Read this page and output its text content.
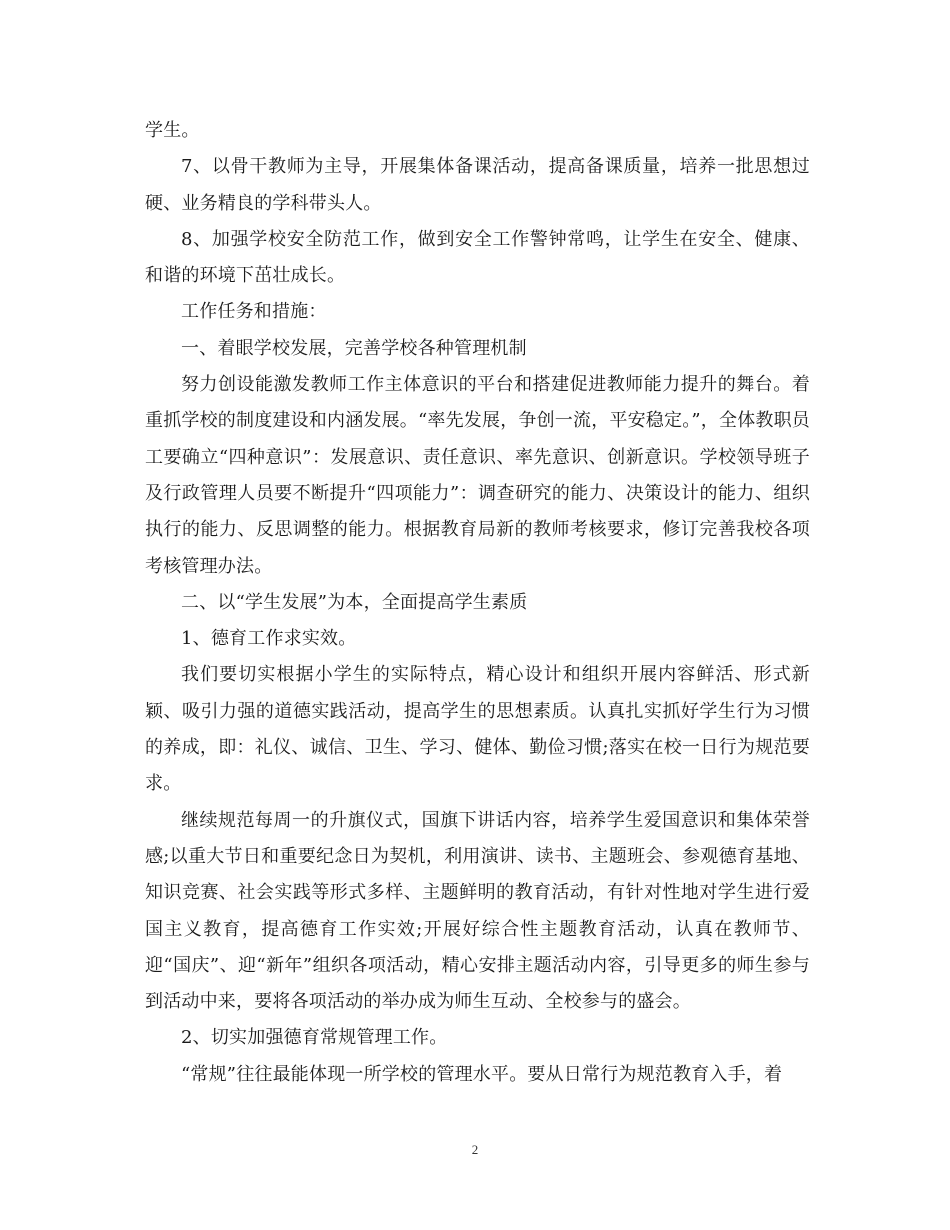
学生。

7、以骨干教师为主导，开展集体备课活动，提高备课质量，培养一批思想过硬、业务精良的学科带头人。

8、加强学校安全防范工作，做到安全工作警钟常鸣，让学生在安全、健康、和谐的环境下茁壮成长。

工作任务和措施：

一、着眼学校发展，完善学校各种管理机制

努力创设能激发教师工作主体意识的平台和搭建促进教师能力提升的舞台。着重抓学校的制度建设和内涵发展。“率先发展，争创一流，平安稳定。”，全体教职员工要确立“四种意识”：发展意识、责任意识、率先意识、创新意识。学校领导班子及行政管理人员要不断提升“四项能力”：调查研究的能力、决策设计的能力、组织执行的能力、反思调整的能力。根据教育局新的教师考核要求，修订完善我校各项考核管理办法。

二、以“学生发展”为本，全面提高学生素质

1、德育工作求实效。

我们要切实根据小学生的实际特点，精心设计和组织开展内容鲜活、形式新颖、吸引力强的道德实践活动，提高学生的思想素质。认真扎实抓好学生行为习惯的养成，即：礼仪、诚信、卫生、学习、健体、勤俭习惯;落实在校一日行为规范要求。

继续规范每周一的升旗仪式，国旗下讲话内容，培养学生爱国意识和集体荣誉感;以重大节日和重要纪念日为契机，利用演讲、读书、主题班会、参观德育基地、知识竞赛、社会实践等形式多样、主题鲜明的教育活动，有针对性地对学生进行爱国主义教育，提高德育工作实效;开展好综合性主题教育活动，认真在教师节、迎“国庆”、迎“新年”组织各项活动，精心安排主题活动内容，引导更多的师生参与到活动中来，要将各项活动的举办成为师生互动、全校参与的盛会。

2、切实加强德育常规管理工作。

“常规”往往最能体现一所学校的管理水平。要从日常行为规范教育入手，着

2
